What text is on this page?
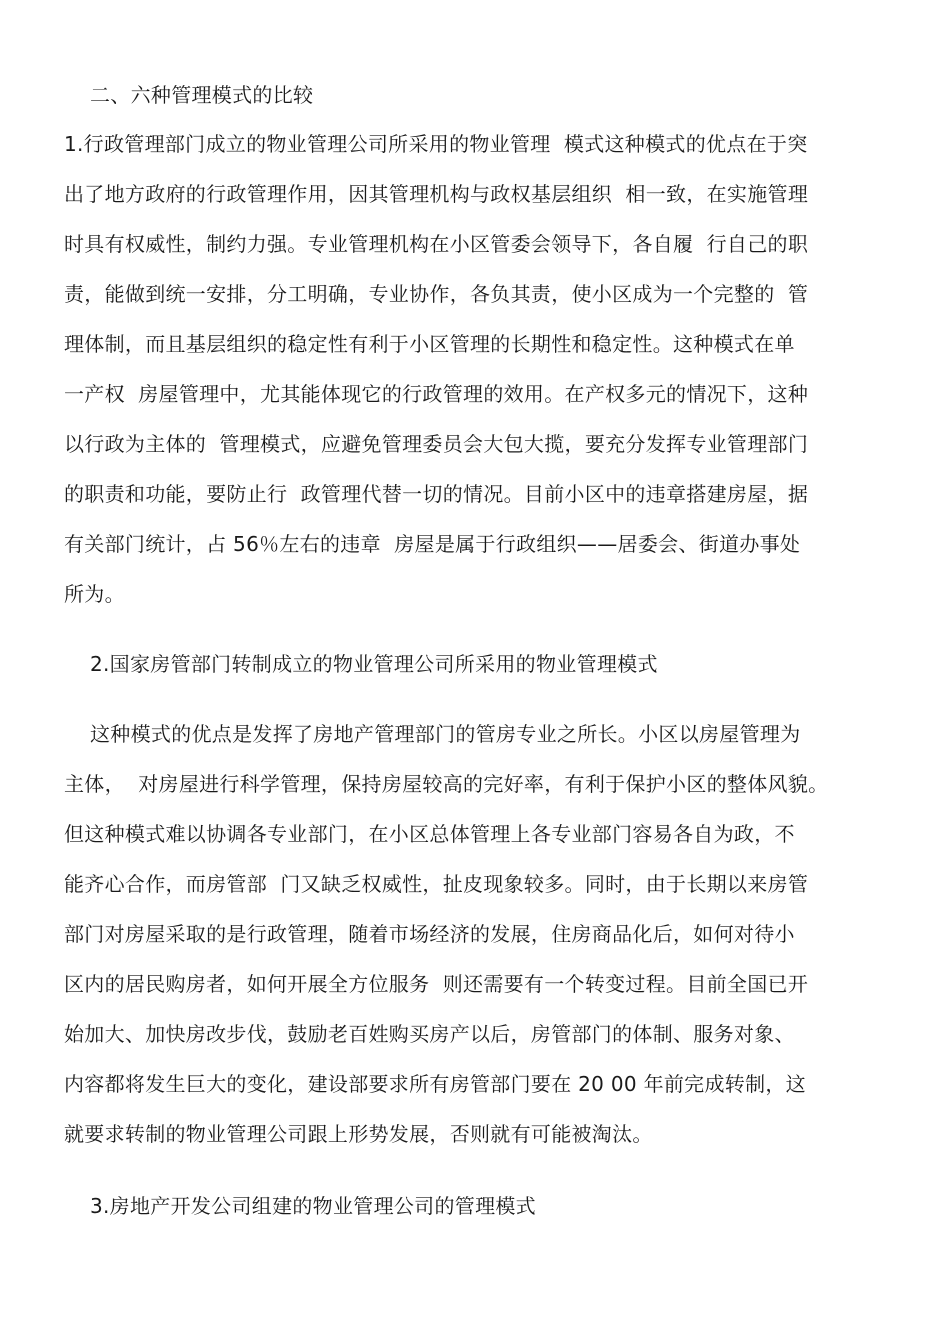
二、六种管理模式的比较
1.行政管理部门成立的物业管理公司所采用的物业管理  模式这种模式的优点在于突
出了地方政府的行政管理作用，因其管理机构与政权基层组织  相一致，在实施管理
时具有权威性，制约力强。专业管理机构在小区管委会领导下，各自履  行自己的职
责，能做到统一安排，分工明确，专业协作，各负其责，使小区成为一个完整的  管
理体制，而且基层组织的稳定性有利于小区管理的长期性和稳定性。这种模式在单
一产权  房屋管理中，尤其能体现它的行政管理的效用。在产权多元的情况下，这种
以行政为主体的  管理模式，应避免管理委员会大包大揽，要充分发挥专业管理部门
的职责和功能，要防止行  政管理代替一切的情况。目前小区中的违章搭建房屋，据
有关部门统计，占 56％左右的违章  房屋是属于行政组织——居委会、街道办事处
所为。
2.国家房管部门转制成立的物业管理公司所采用的物业管理模式
这种模式的优点是发挥了房地产管理部门的管房专业之所长。小区以房屋管理为
主体，  对房屋进行科学管理，保持房屋较高的完好率，有利于保护小区的整体风貌。
但这种模式难以协调各专业部门，在小区总体管理上各专业部门容易各自为政，不
能齐心合作，而房管部  门又缺乏权威性，扯皮现象较多。同时，由于长期以来房管
部门对房屋采取的是行政管理，随着市场经济的发展，住房商品化后，如何对待小
区内的居民购房者，如何开展全方位服务  则还需要有一个转变过程。目前全国已开
始加大、加快房改步伐，鼓励老百姓购买房产以后，房管部门的体制、服务对象、
内容都将发生巨大的变化，建设部要求所有房管部门要在 20 00 年前完成转制，这
就要求转制的物业管理公司跟上形势发展，否则就有可能被淘汰。
3.房地产开发公司组建的物业管理公司的管理模式
